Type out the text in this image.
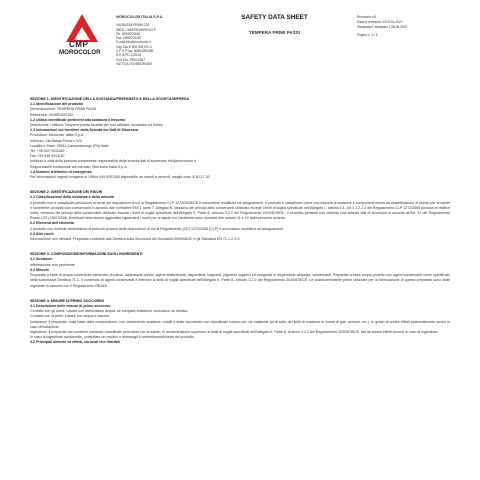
CMP
MOROCOLOR
MOROCOLOR ITALIA S.P.A.
VIA BASSA PRIMA 224
35011 CAMPODARSEGO P
Tel. 049/9201180
Fax: 049/9201187
E-mail:info@morocolor.it
Cap.Soc.€ 500.000,00 i.v.
C.F. e P.Iva: 00893290289
R.E.A.PD 125144
Cod.Ecc.:PD01336T
VAT/TVA:IT00893290289
SAFETY DATA SHEET
TEMPERA PRIMI PASSI
Revisione n.6
Data di revisione: 2015-04-2021
Stampata il: stampato il 28-05-2021
Pagina n. 1 / 6
SEZIONE 1: IDENTIFICAZIONE DELLA SOSTANZA/PREPARATO E DELLA SOCIETÀ/IMPRESA
1.1 Identificazione del prodotto
Denominazione: TEMPERA PRIMI PASSI
Referenza: 2048R1003100
1.2 Utilizzi identificati pertinenti alla sostanza o miscela:
Descrizione / utilizzo: Tempera pronta lavabile per uso artistico, scolastico ed hobby
1.3 Informazioni sul fornitore della Scheda dei Dati di Sicurezza
Produttore: Morocolor Italia S.p.A.
Indirizzo: Via Bassa Prima n.224
Località e Stato: 35011 Campodarsego (Pd) Italia
Tel. +39 049 9201180
Fax +39 049 9201187
Indirizzo e-mail della persona competente responsabile della scheda dati di sicurezza: info@morocolor.it
Responsabile immissione sul mercato: Morocolor Italia S.p.A.
1.4 Numero telefonico di emergenza
Per informazioni urgenti rivolgersi a: Ufficio 049 9201180 disponibile da lunedì a venerdì, meglio orari: 8,30-17,30
SEZIONE 2: IDENTIFICAZIONE DEI RISCHI
2.1 Classificazione della sostanza o della miscela
Il prodotto non è classificato pericoloso ai sensi del disposizioni di cui al Regolamento CLP 1272/2008/CE e successive modifiche ed adeguamenti. Il prodotto è classificato come una miscela di sostanze e componenti esenti da classificazione di rischio per la salute e l'ambiente: prodotto con conservanti in accordo alle normative EN71 parte 7, Allegato B. Nessuno dei principi attivi conservanti utilizzato eccede i limiti di soglia specificati nell'Allegato I , tabella 1.1, Art.1.1.2.2.2 del Regolamento CLP 1272/2008 (incluse le relative note); nessuno dei principi attivi conservanti utilizzato eccede i limiti di soglia specificati nell'Allegato II, Parte A, Articolo 3.2.2 del Regolamento 2020/878/CE ; il prodotto pertanto non richiede una scheda dati di sicurezza in accordo all'Art. 31 del Regolamento Reach (CE) 1907/2006. Eventuali informazioni aggiuntive riguardanti i rischi per la salute e/o l'ambiente sono riportate alle sezioni 11 e 12 della presente scheda.
2.2 Elementi dell'etichetta
Il prodotto non richiede etichettatura di pericolo ai sensi delle disposizioni di cui al Regolamento (CE) 1272/2008 (CLP) e successive modifiche ed adeguamenti.
2.3 Altri rischi
Informazione non rilevanti. Preparato conforme alla Direttiva sulla Sicurezza dei Giocattoli 2009/48/CE e gli Standard EN 71-1-2-3-9.
SEZIONE 3: COMPOSIZIONE/INFORMAZIONI SUGLI INGREDIENTI
3.1 Sostanze:
Informazione non pertinente
3.2 Miscele
Preparato a base di acqua contenente carbonato di calcio, addensanti acrilici, agenti antischiuma, disperdenti, bagnanti, pigmenti organici ed inorganici in dispersione acquosa, conservanti. Preparato a base acqua protetto con agenti conservanti come specificato nella successiva Direttiva 71.1, il contenuto di agenti conservanti è inferiore ai limiti di soglia specificati nell'Allegato II, Parte A, Articolo 3.2.2 del Regolamento 2020/878/CE. Le sostanze/materie prime utilizzate per la formulazione di questo preparato sono state registrate in accordo con il Regolamento REACh.
SEZIONE 4: MISURE DI PRIMO SOCCORSO
4.1 Descrizione delle misure di primo soccorso
Contatto con gli occhi: Lavare con abbondante acqua; se compare irritazione consultare un medico.
Contatto con la pelle: Lavare con acqua e sapone.
Inalazione: il preparato, sulla base della composizione, non contenendo sostanze volatili è stato riscontrato non classificato tossico per via inalatoria (al di sotto dei limiti di sostanze in forma di gas, aerosol, etc.). In grado di creare effetti potenzialmente severi in caso di inalazione.
Ingestione: il preparato non contiene sostanze classificate pericolose per la salute, in concentrazione superiore ai limiti di soglia specificati nell'Allegato II, Parte A, Articolo 3.2.2 del Regolamento 2020/878/CE, tali da creare effetti avversi in caso di ingestione.
In caso di ingestione accidentale, consultare un medico e mostrargli il contenitore/etichetta del prodotto.
4.2 Principali sintomi ed effetti, sia acuti che ritardati
